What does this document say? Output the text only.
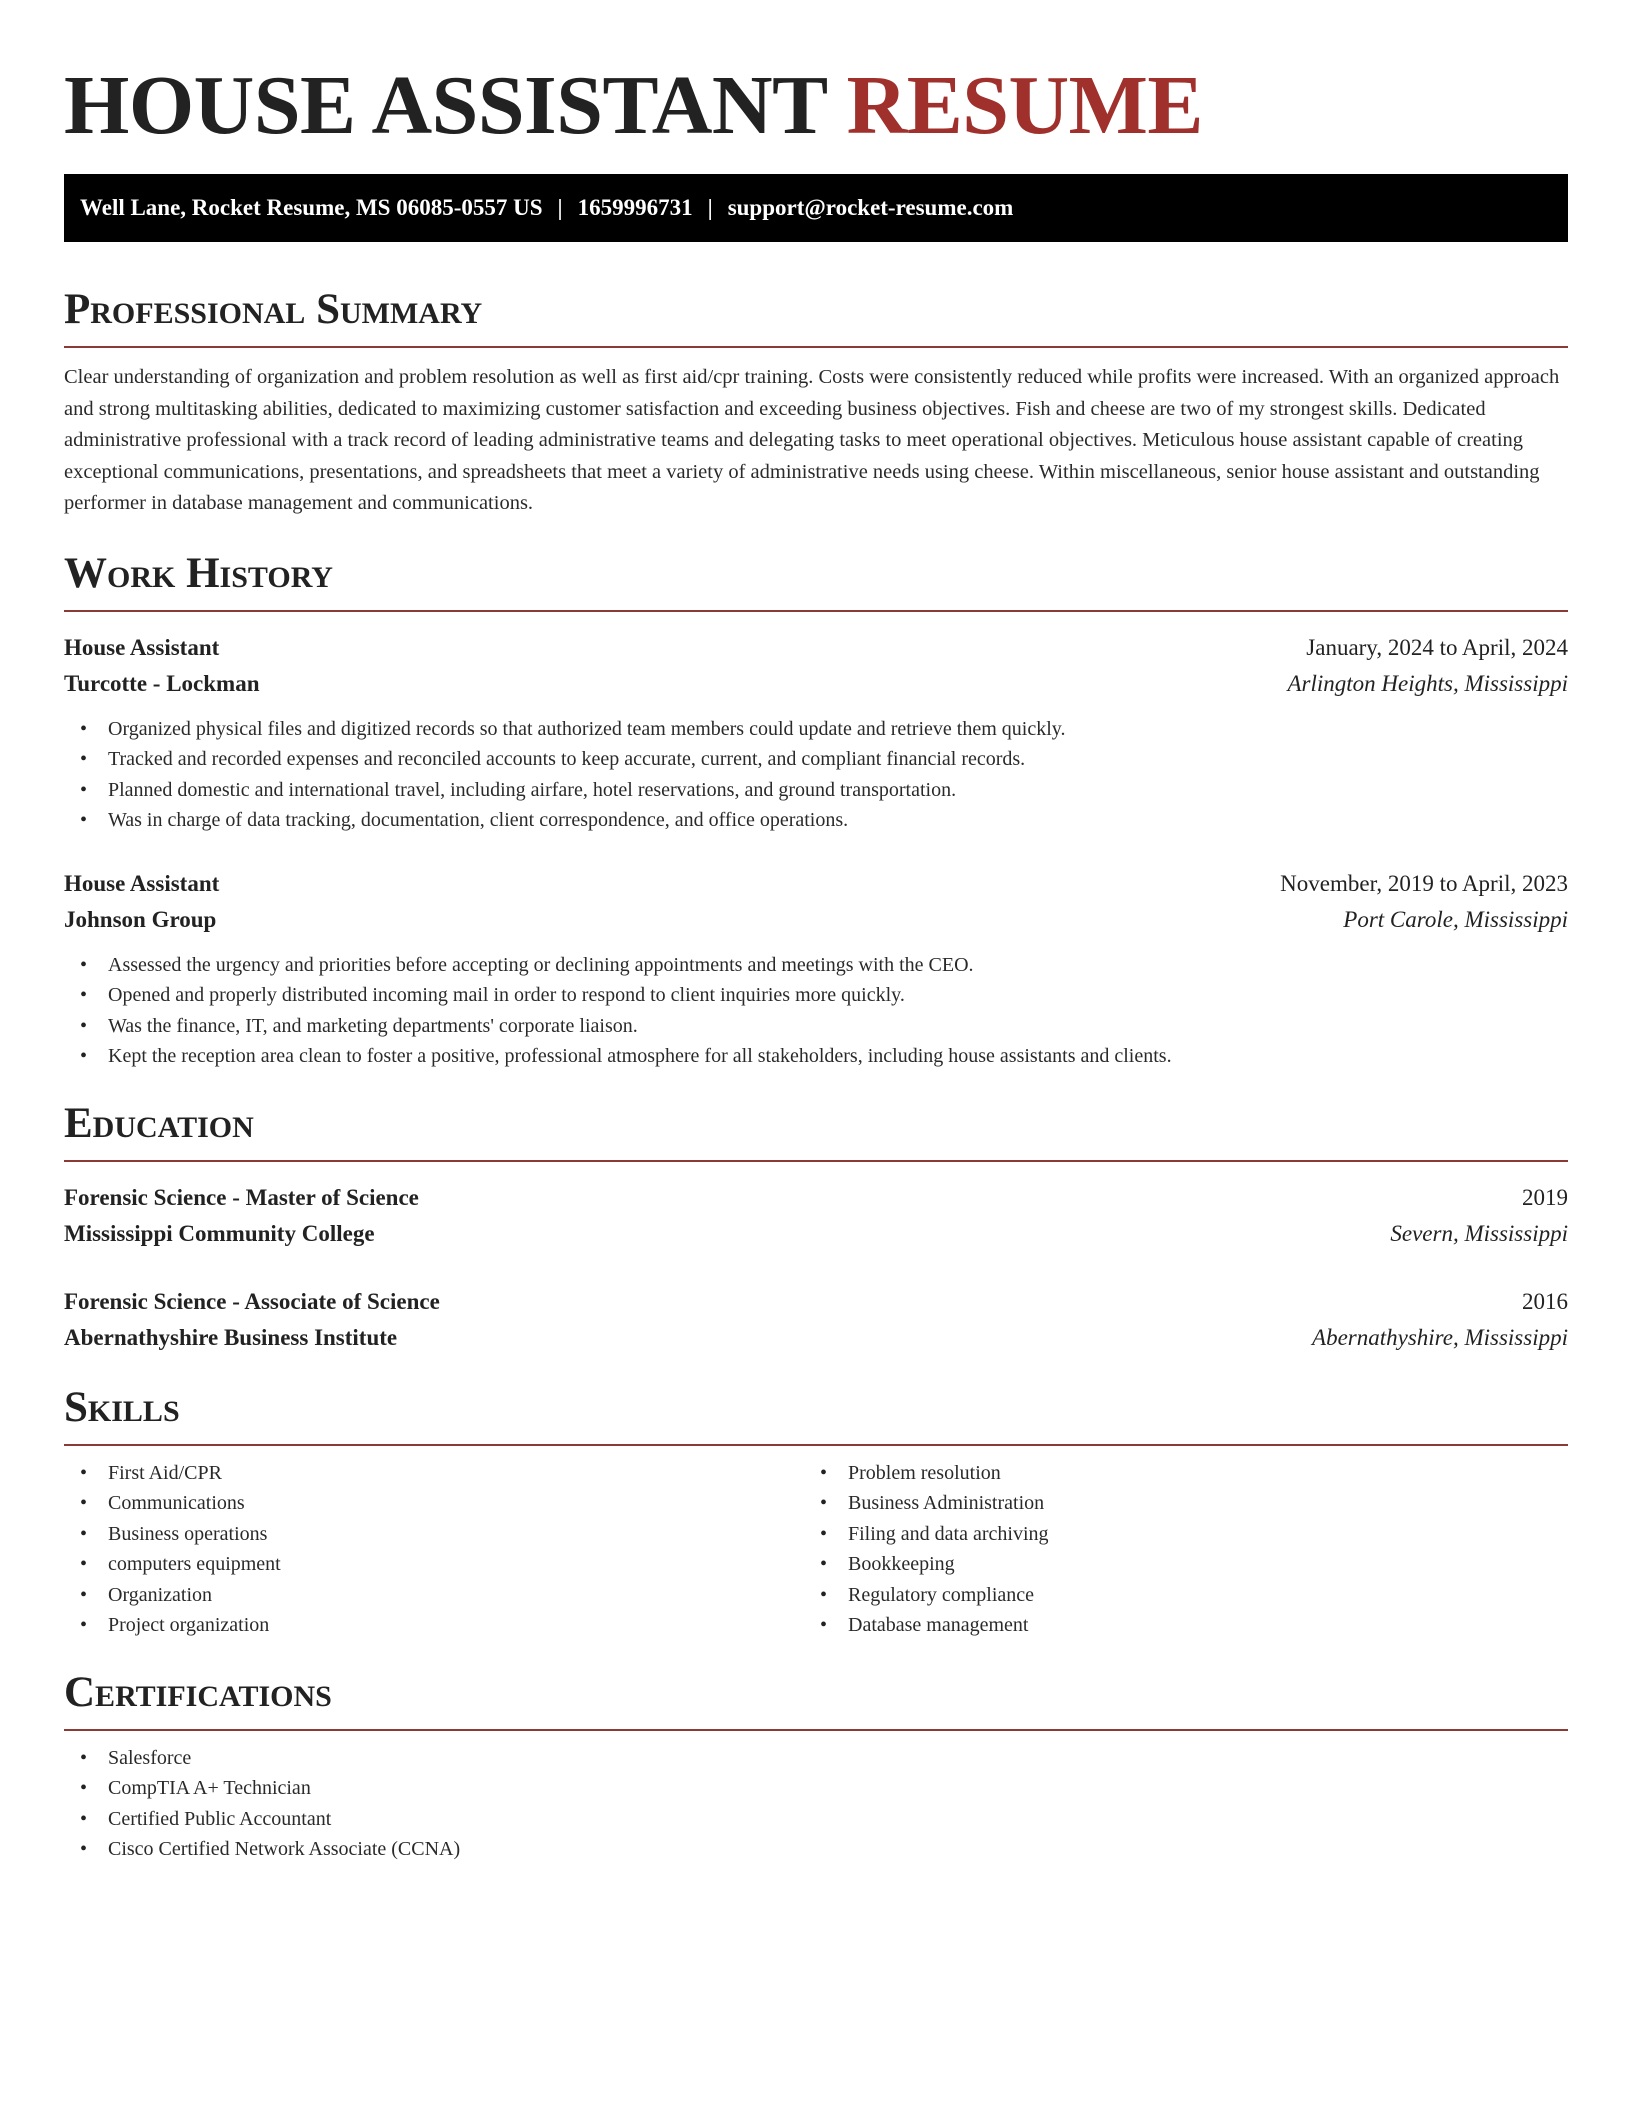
HOUSE ASSISTANT RESUME
Well Lane, Rocket Resume, MS 06085-0557 US | 1659996731 | support@rocket-resume.com
Professional Summary

Clear understanding of organization and problem resolution as well as first aid/cpr training. Costs were consistently reduced while profits were increased. With an organized approach and strong multitasking abilities, dedicated to maximizing customer satisfaction and exceeding business objectives. Fish and cheese are two of my strongest skills. Dedicated administrative professional with a track record of leading administrative teams and delegating tasks to meet operational objectives. Meticulous house assistant capable of creating exceptional communications, presentations, and spreadsheets that meet a variety of administrative needs using cheese. Within miscellaneous, senior house assistant and outstanding performer in database management and communications.

Work History
House Assistant	January, 2024 to April, 2024
Turcotte - Lockman	Arlington Heights, Mississippi
• Organized physical files and digitized records so that authorized team members could update and retrieve them quickly.
• Tracked and recorded expenses and reconciled accounts to keep accurate, current, and compliant financial records.
• Planned domestic and international travel, including airfare, hotel reservations, and ground transportation.
• Was in charge of data tracking, documentation, client correspondence, and office operations.
House Assistant	November, 2019 to April, 2023
Johnson Group	Port Carole, Mississippi
• Assessed the urgency and priorities before accepting or declining appointments and meetings with the CEO.
• Opened and properly distributed incoming mail in order to respond to client inquiries more quickly.
• Was the finance, IT, and marketing departments' corporate liaison.
• Kept the reception area clean to foster a positive, professional atmosphere for all stakeholders, including house assistants and clients.
Education
Forensic Science - Master of Science	2019
Mississippi Community College	Severn, Mississippi
Forensic Science - Associate of Science	2016
Abernathyshire Business Institute	Abernathyshire, Mississippi
Skills
• First Aid/CPR
• Communications
• Business operations
• computers equipment
• Organization
• Project organization
• Problem resolution
• Business Administration
• Filing and data archiving
• Bookkeeping
• Regulatory compliance
• Database management
Certifications
• Salesforce
• CompTIA A+ Technician
• Certified Public Accountant
• Cisco Certified Network Associate (CCNA)
